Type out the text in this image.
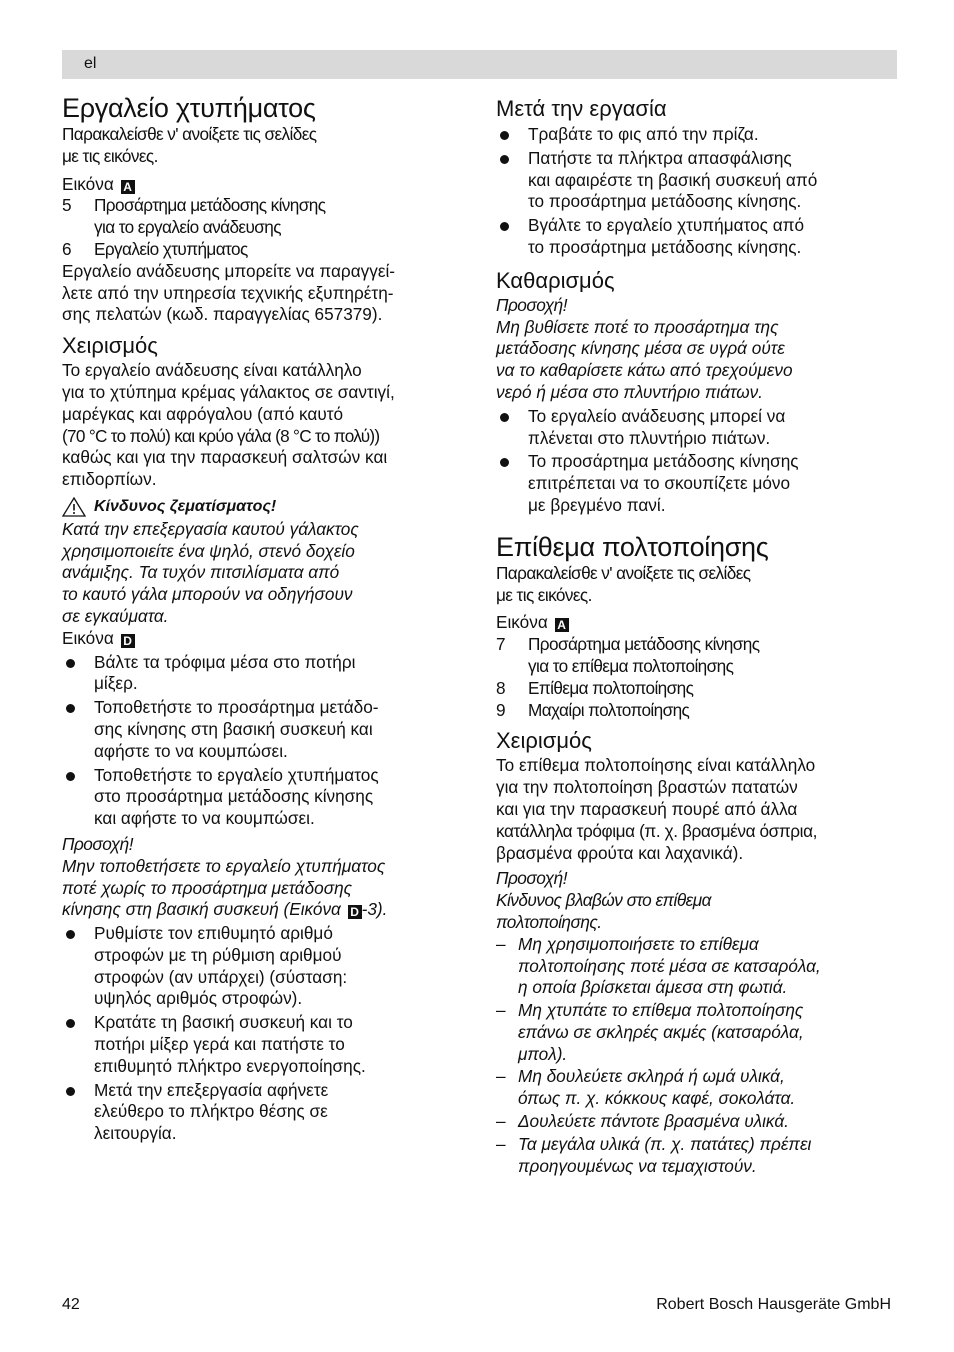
el
Εργαλείο χτυπήματος

Παρακαλείσθε ν' ανοίξετε τις σελίδες

με τις εικόνες.

Εικόνα A

5	Προσάρτημα μετάδοσης κίνησης
για το εργαλείο ανάδευσης
6	Εργαλείο χτυπήματος

Εργαλείο ανάδευσης μπορείτε να παραγγεί-

λετε από την υπηρεσία τεχνικής εξυπηρέτη-

σης πελατών (κωδ. παραγγελίας 657379).

Χειρισμός

Το εργαλείο ανάδευσης είναι κατάλληλο

για το χτύπημα κρέμας γάλακτος σε σαντιγί,

μαρέγκας και αφρόγαλου (από καυτό

(70 °C το πολύ) και κρύο γάλα (8 °C το πολύ))

καθώς και για την παρασκευή σαλτσών και

επιδορπίων.

Κίνδυνος ζεματίσματος!

Κατά την επεξεργασία καυτού γάλακτος

χρησιμοποιείτε ένα ψηλό, στενό δοχείο

ανάμιξης. Τα τυχόν πιτσιλίσματα από

το καυτό γάλα μπορούν να οδηγήσουν

σε εγκαύματα.

Εικόνα D

Βάλτε τα τρόφιμα μέσα στο ποτήρι
μίξερ.
Τοποθετήστε το προσάρτημα μετάδο-
σης κίνησης στη βασική συσκευή και
αφήστε το να κουμπώσει.
Τοποθετήστε το εργαλείο χτυπήματος
στο προσάρτημα μετάδοσης κίνησης
και αφήστε το να κουμπώσει.

Προσοχή!

Μην τοποθετήσετε το εργαλείο χτυπήματος

ποτέ χωρίς το προσάρτημα μετάδοσης

κίνησης στη βασική συσκευή (Εικόνα D -3).

Ρυθμίστε τον επιθυμητό αριθμό
στροφών με τη ρύθμιση αριθμού
στροφών (αν υπάρχει) (σύσταση:
υψηλός αριθμός στροφών).
Κρατάτε τη βασική συσκευή και το
ποτήρι μίξερ γερά και πατήστε το
επιθυμητό πλήκτρο ενεργοποίησης.
Μετά την επεξεργασία αφήνετε
ελεύθερο το πλήκτρο θέσης σε
λειτουργία.
Μετά την εργασία
Τραβάτε το φις από την πρίζα.
Πατήστε τα πλήκτρα απασφάλισης
και αφαιρέστε τη βασική συσκευή από
το προσάρτημα μετάδοσης κίνησης.
Βγάλτε το εργαλείο χτυπήματος από
το προσάρτημα μετάδοσης κίνησης.
Καθαρισμός

Προσοχή!

Μη βυθίσετε ποτέ το προσάρτημα της

μετάδοσης κίνησης μέσα σε υγρά ούτε

να το καθαρίσετε κάτω από τρεχούμενο

νερό ή μέσα στο πλυντήριο πιάτων.

Το εργαλείο ανάδευσης μπορεί να
πλένεται στο πλυντήριο πιάτων.
Το προσάρτημα μετάδοσης κίνησης
επιτρέπεται να το σκουπίζετε μόνο
με βρεγμένο πανί.
Επίθεμα πολτοποίησης

Παρακαλείσθε ν' ανοίξετε τις σελίδες

με τις εικόνες.

Εικόνα A

7	Προσάρτημα μετάδοσης κίνησης
για το επίθεμα πολτοποίησης
8	Επίθεμα πολτοποίησης
9	Μαχαίρι πολτοποίησης
Χειρισμός

Το επίθεμα πολτοποίησης είναι κατάλληλο

για την πολτοποίηση βραστών πατατών

και για την παρασκευή πουρέ από άλλα

κατάλληλα τρόφιμα (π. χ. βρασμένα όσπρια,

βρασμένα φρούτα και λαχανικά).

Προσοχή!

Κίνδυνος βλαβών στο επίθεμα

πολτοποίησης.

– Μη χρησιμοποιήσετε το επίθεμα
πολτοποίησης ποτέ μέσα σε κατσαρόλα,
η οποία βρίσκεται άμεσα στη φωτιά.
– Μη χτυπάτε το επίθεμα πολτοποίησης
επάνω σε σκληρές ακμές (κατσαρόλα,
μπολ).
– Μη δουλεύετε σκληρά ή ωμά υλικά,
όπως π. χ. κόκκους καφέ, σοκολάτα.
– Δουλεύετε πάντοτε βρασμένα υλικά.
– Τα μεγάλα υλικά (π. χ. πατάτες) πρέπει
προηγουμένως να τεμαχιστούν.
42	Robert Bosch Hausgeräte GmbH
